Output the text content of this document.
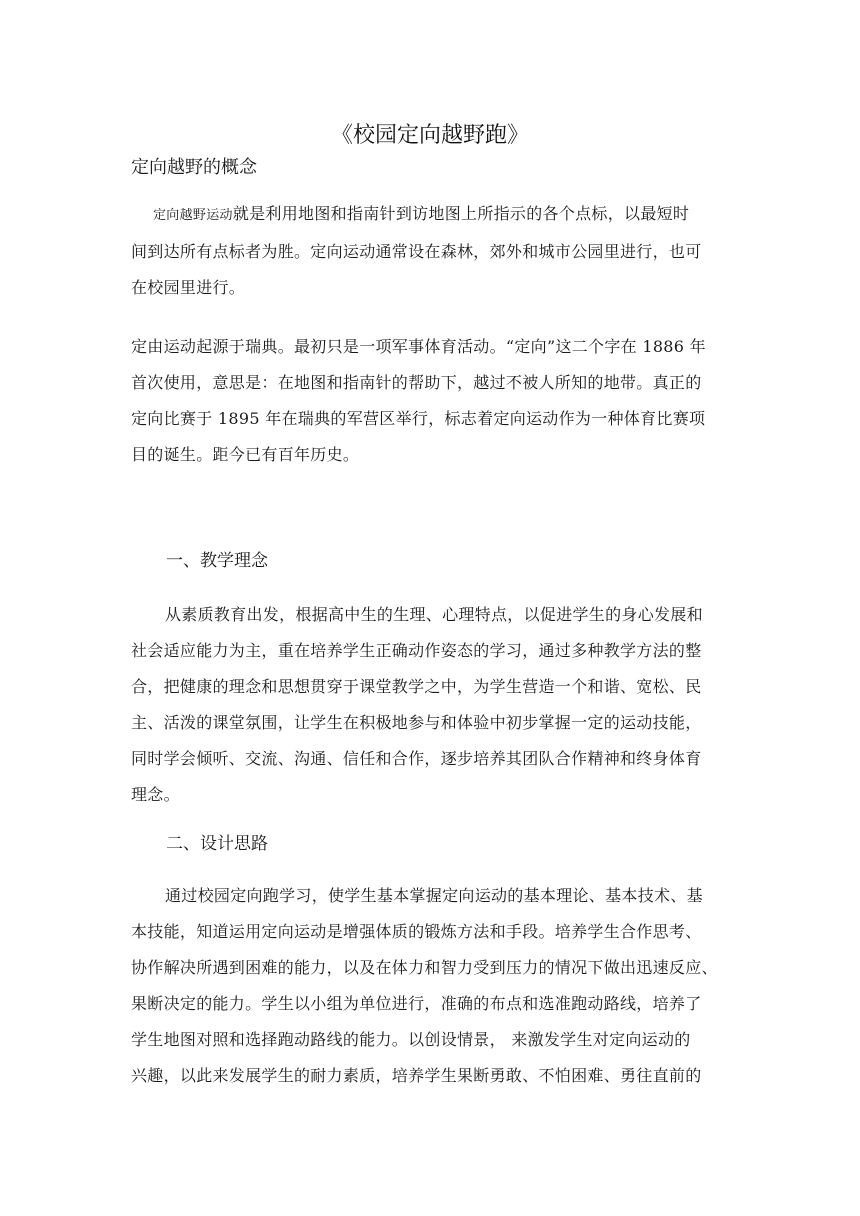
《校园定向越野跑》
定向越野的概念
定向越野运动就是利用地图和指南针到访地图上所指示的各个点标，以最短时
间到达所有点标者为胜。定向运动通常设在森林，郊外和城市公园里进行，也可
在校园里进行。
定由运动起源于瑞典。最初只是一项军事体育活动。“定向”这二个字在 1886 年
首次使用，意思是：在地图和指南针的帮助下，越过不被人所知的地带。真正的
定向比赛于 1895 年在瑞典的军营区举行，标志着定向运动作为一种体育比赛项
目的诞生。距今已有百年历史。
一、教学理念
从素质教育出发，根据高中生的生理、心理特点，以促进学生的身心发展和
社会适应能力为主，重在培养学生正确动作姿态的学习，通过多种教学方法的整
合，把健康的理念和思想贯穿于课堂教学之中，为学生营造一个和谐、宽松、民
主、活泼的课堂氛围，让学生在积极地参与和体验中初步掌握一定的运动技能，
同时学会倾听、交流、沟通、信任和合作，逐步培养其团队合作精神和终身体育
理念。
二、设计思路
通过校园定向跑学习，使学生基本掌握定向运动的基本理论、基本技术、基
本技能，知道运用定向运动是增强体质的锻炼方法和手段。培养学生合作思考、
协作解决所遇到困难的能力，以及在体力和智力受到压力的情况下做出迅速反应、
果断决定的能力。学生以小组为单位进行，准确的布点和选准跑动路线，培养了
学生地图对照和选择跑动路线的能力。以创设情景， 来激发学生对定向运动的
兴趣，以此来发展学生的耐力素质，培养学生果断勇敢、不怕困难、勇往直前的
